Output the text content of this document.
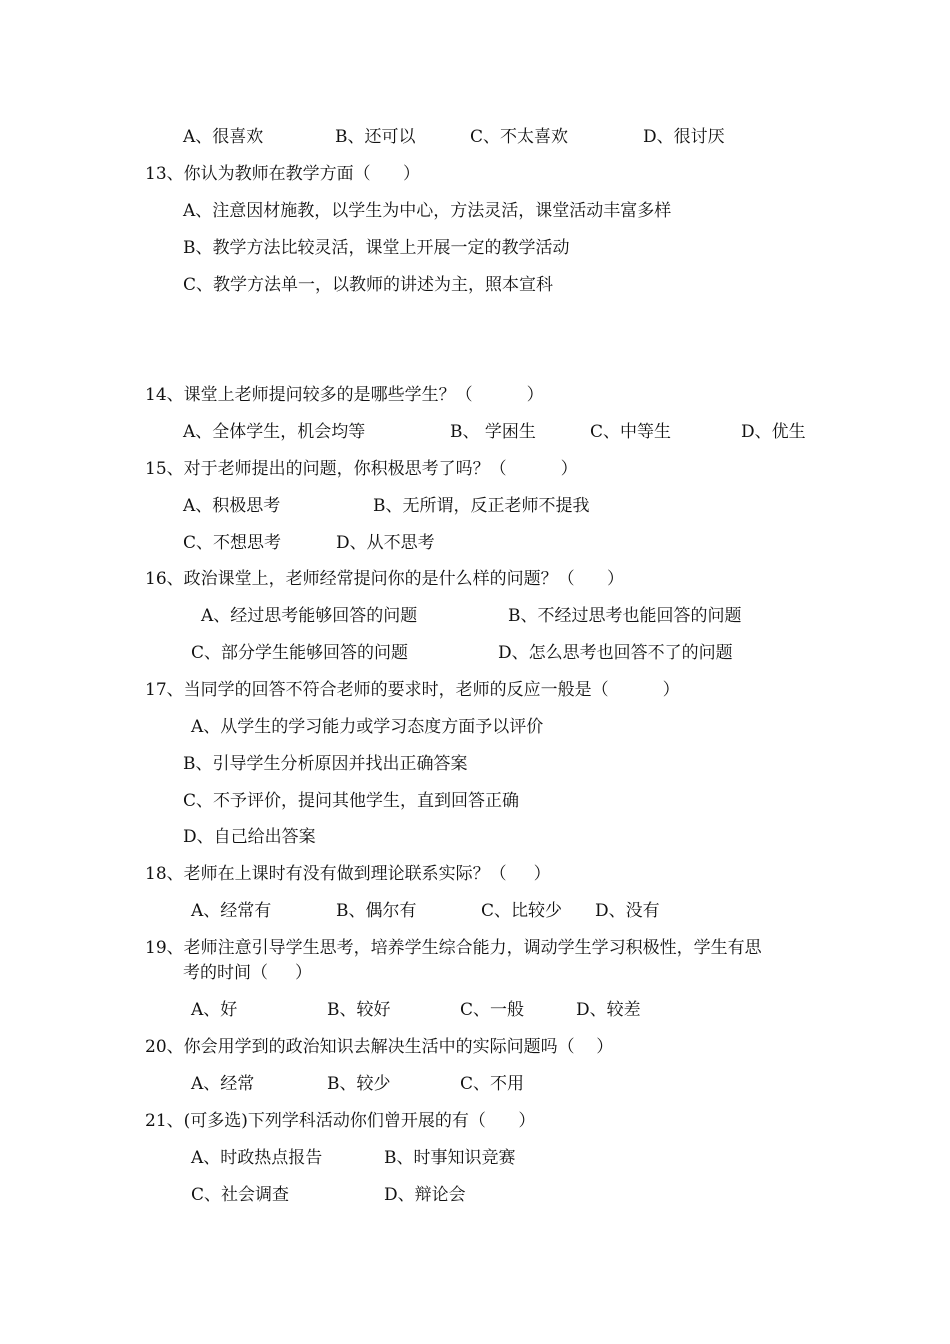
A、很喜欢	B、还可以	C、不太喜欢	D、很讨厌
13、你认为教师在教学方面（      ）
A、注意因材施教，以学生为中心，方法灵活，课堂活动丰富多样
B、教学方法比较灵活，课堂上开展一定的教学活动
C、教学方法单一，以教师的讲述为主，照本宣科
14、课堂上老师提问较多的是哪些学生？（          ）
A、全体学生，机会均等	B、 学困生	C、中等生	D、优生
15、对于老师提出的问题，你积极思考了吗？（          ）
A、积极思考	B、无所谓，反正老师不提我
C、不想思考	D、从不思考
16、政治课堂上，老师经常提问你的是什么样的问题？（      ）
A、经过思考能够回答的问题	B、不经过思考也能回答的问题
C、部分学生能够回答的问题	D、怎么思考也回答不了的问题
17、当同学的回答不符合老师的要求时，老师的反应一般是（          ）
A、从学生的学习能力或学习态度方面予以评价
B、引导学生分析原因并找出正确答案
C、不予评价，提问其他学生，直到回答正确
D、自己给出答案
18、老师在上课时有没有做到理论联系实际？（     ）
A、经常有	B、偶尔有	C、比较少 D、没有
19、老师注意引导学生思考，培养学生综合能力，调动学生学习积极性，学生有思
考的时间（     ）
A、好	B、较好	C、一般	D、较差
20、你会用学到的政治知识去解决生活中的实际问题吗（    ）
A、经常	B、较少	C、不用
21、(可多选)下列学科活动你们曾开展的有（      ）
A、时政热点报告	B、时事知识竞赛
C、社会调查	D、辩论会
